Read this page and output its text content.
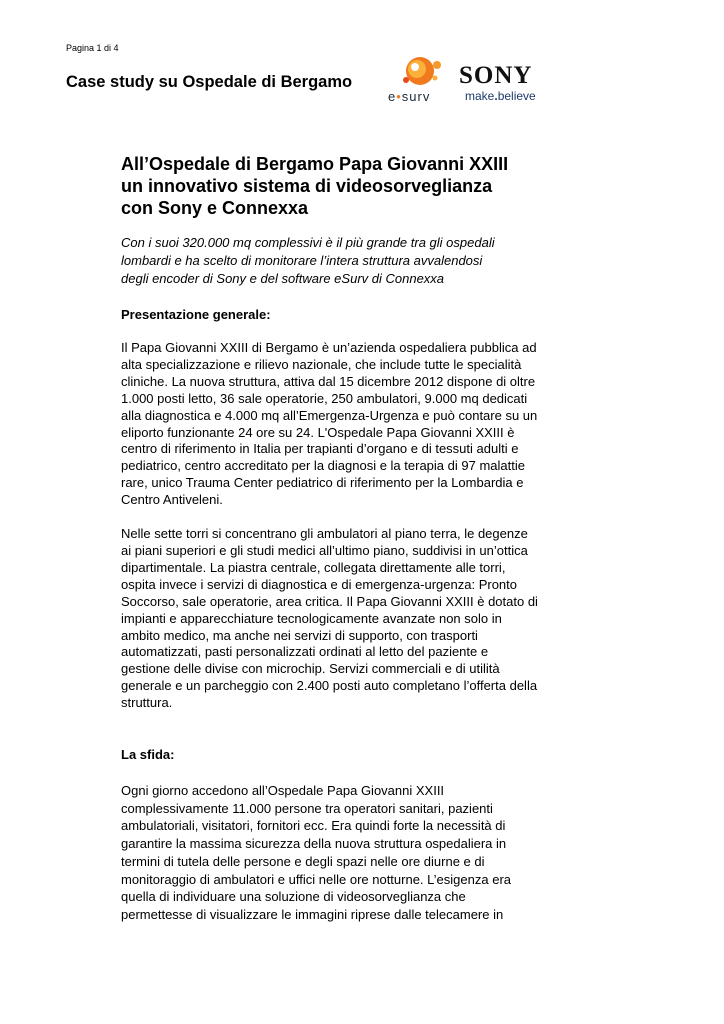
Pagina 1 di 4
Case study su Ospedale di Bergamo
e•surv
SONY
make.believe
All’Ospedale di Bergamo Papa Giovanni XXIII
un innovativo sistema di videosorveglianza
con Sony e Connexxa
Con i suoi 320.000 mq complessivi è il più grande tra gli ospedali
lombardi e ha scelto di monitorare l’intera struttura avvalendosi
degli encoder di Sony e del software eSurv di Connexxa
Presentazione generale:

Il Papa Giovanni XXIII di Bergamo è un’azienda ospedaliera pubblica ad
alta specializzazione e rilievo nazionale, che include tutte le specialità
cliniche. La nuova struttura, attiva dal 15 dicembre 2012 dispone di oltre
1.000 posti letto, 36 sale operatorie, 250 ambulatori, 9.000 mq dedicati
alla diagnostica e 4.000 mq all’Emergenza-Urgenza e può contare su un
eliporto funzionante 24 ore su 24. L'Ospedale Papa Giovanni XXIII è
centro di riferimento in Italia per trapianti d’organo e di tessuti adulti e
pediatrico, centro accreditato per la diagnosi e la terapia di 97 malattie
rare, unico Trauma Center pediatrico di riferimento per la Lombardia e
Centro Antiveleni.

Nelle sette torri si concentrano gli ambulatori al piano terra, le degenze
ai piani superiori e gli studi medici all’ultimo piano, suddivisi in un’ottica
dipartimentale. La piastra centrale, collegata direttamente alle torri,
ospita invece i servizi di diagnostica e di emergenza-urgenza: Pronto
Soccorso, sale operatorie, area critica. Il Papa Giovanni XXIII è dotato di
impianti e apparecchiature tecnologicamente avanzate non solo in
ambito medico, ma anche nei servizi di supporto, con trasporti
automatizzati, pasti personalizzati ordinati al letto del paziente e
gestione delle divise con microchip. Servizi commerciali e di utilità
generale e un parcheggio con 2.400 posti auto completano l’offerta della
struttura.

La sfida:

Ogni giorno accedono all’Ospedale Papa Giovanni XXIII
complessivamente 11.000 persone tra operatori sanitari, pazienti
ambulatoriali, visitatori, fornitori ecc. Era quindi forte la necessità di
garantire la massima sicurezza della nuova struttura ospedaliera in
termini di tutela delle persone e degli spazi nelle ore diurne e di
monitoraggio di ambulatori e uffici nelle ore notturne. L’esigenza era
quella di individuare una soluzione di videosorveglianza che
permettesse di visualizzare le immagini riprese dalle telecamere in
